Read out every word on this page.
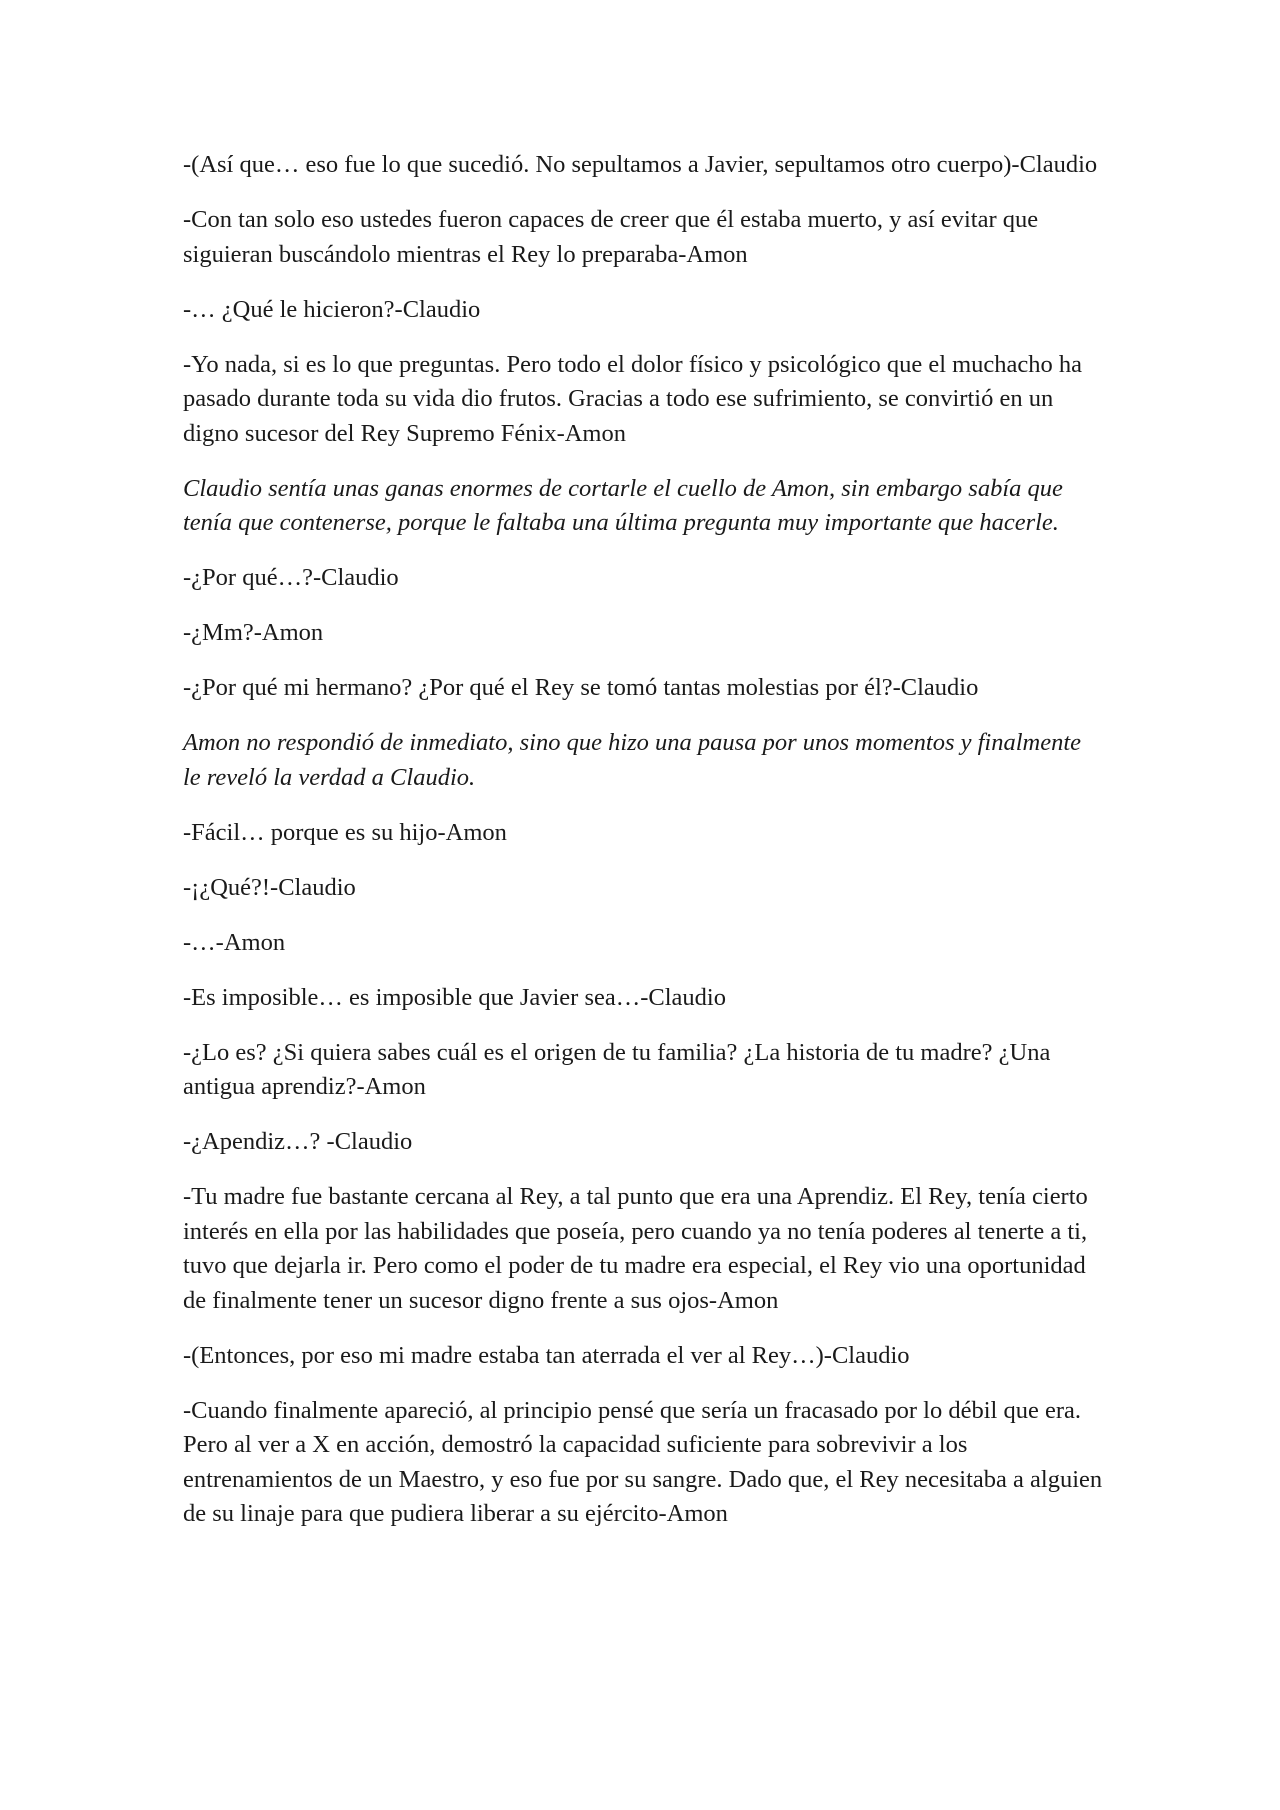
-(Así que… eso fue lo que sucedió. No sepultamos a Javier, sepultamos otro cuerpo)-Claudio

-Con tan solo eso ustedes fueron capaces de creer que él estaba muerto, y así evitar que siguieran buscándolo mientras el Rey lo preparaba-Amon

-… ¿Qué le hicieron?-Claudio

-Yo nada, si es lo que preguntas. Pero todo el dolor físico y psicológico que el muchacho ha pasado durante toda su vida dio frutos. Gracias a todo ese sufrimiento, se convirtió en un digno sucesor del Rey Supremo Fénix-Amon

Claudio sentía unas ganas enormes de cortarle el cuello de Amon, sin embargo sabía que tenía que contenerse, porque le faltaba una última pregunta muy importante que hacerle.

-¿Por qué…?-Claudio

-¿Mm?-Amon

-¿Por qué mi hermano? ¿Por qué el Rey se tomó tantas molestias por él?-Claudio

Amon no respondió de inmediato, sino que hizo una pausa por unos momentos y finalmente le reveló la verdad a Claudio.

-Fácil… porque es su hijo-Amon

-¡¿Qué?!-Claudio

-…-Amon

-Es imposible… es imposible que Javier sea…-Claudio

-¿Lo es? ¿Si quiera sabes cuál es el origen de tu familia? ¿La historia de tu madre? ¿Una antigua aprendiz?-Amon

-¿Apendiz…? -Claudio

-Tu madre fue bastante cercana al Rey, a tal punto que era una Aprendiz. El Rey, tenía cierto interés en ella por las habilidades que poseía, pero cuando ya no tenía poderes al tenerte a ti, tuvo que dejarla ir. Pero como el poder de tu madre era especial, el Rey vio una oportunidad de finalmente tener un sucesor digno frente a sus ojos-Amon

-(Entonces, por eso mi madre estaba tan aterrada el ver al Rey…)-Claudio

-Cuando finalmente apareció, al principio pensé que sería un fracasado por lo débil que era. Pero al ver a X en acción, demostró la capacidad suficiente para sobrevivir a los entrenamientos de un Maestro, y eso fue por su sangre. Dado que, el Rey necesitaba a alguien de su linaje para que pudiera liberar a su ejército-Amon
